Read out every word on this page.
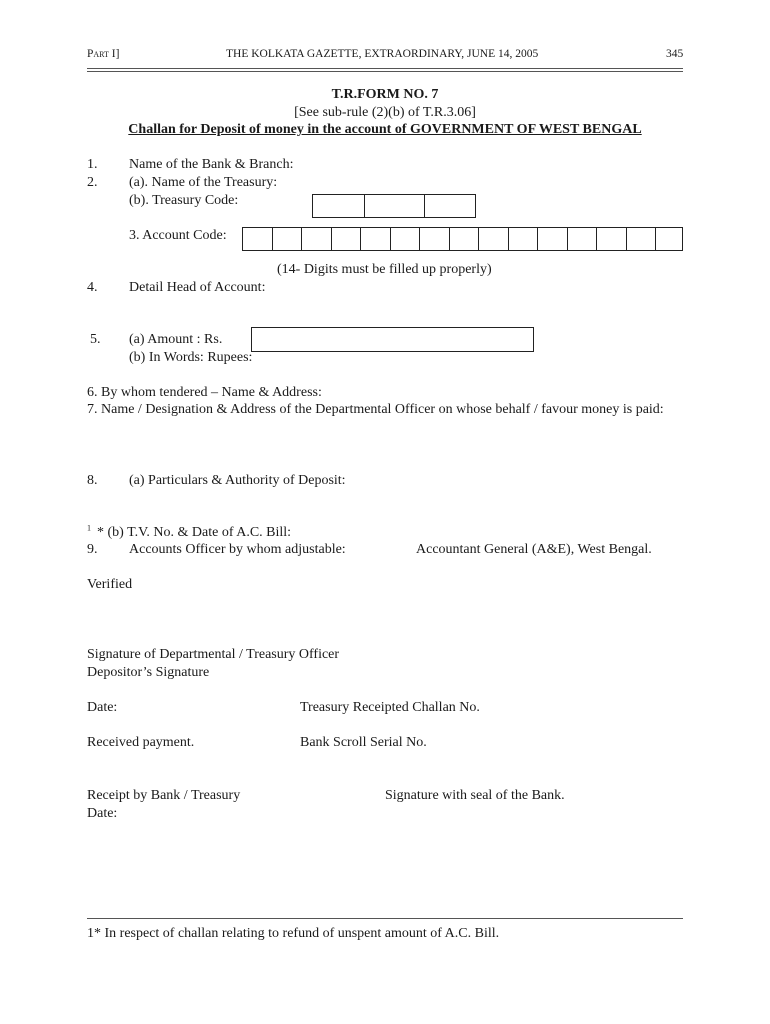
Part I]	THE KOLKATA GAZETTE, EXTRAORDINARY, JUNE 14, 2005	345
T.R.FORM NO. 7
[See sub-rule (2)(b) of T.R.3.06]
Challan for Deposit of money in the account of GOVERNMENT OF WEST BENGAL
1. Name of the Bank & Branch:
2. (a). Name of the Treasury:
(b). Treasury Code:
3. Account Code:
(14- Digits must be filled up properly)
4. Detail Head of Account:
5. (a) Amount : Rs.
(b) In Words: Rupees:
6. By whom tendered – Name & Address:
7. Name / Designation & Address of the Departmental Officer on whose behalf / favour money is paid:
8. (a) Particulars & Authority of Deposit:
$^1$ * (b) T.V. No. & Date of A.C. Bill:
9. Accounts Officer by whom adjustable:	Accountant General (A&E), West Bengal.
Verified
Signature of Departmental / Treasury Officer
Depositor’s Signature
Date:	Treasury Receipted Challan No.
Received payment.	Bank Scroll Serial No.
Receipt by Bank / Treasury	Signature with seal of the Bank.
Date:
1* In respect of challan relating to refund of unspent amount of A.C. Bill.
